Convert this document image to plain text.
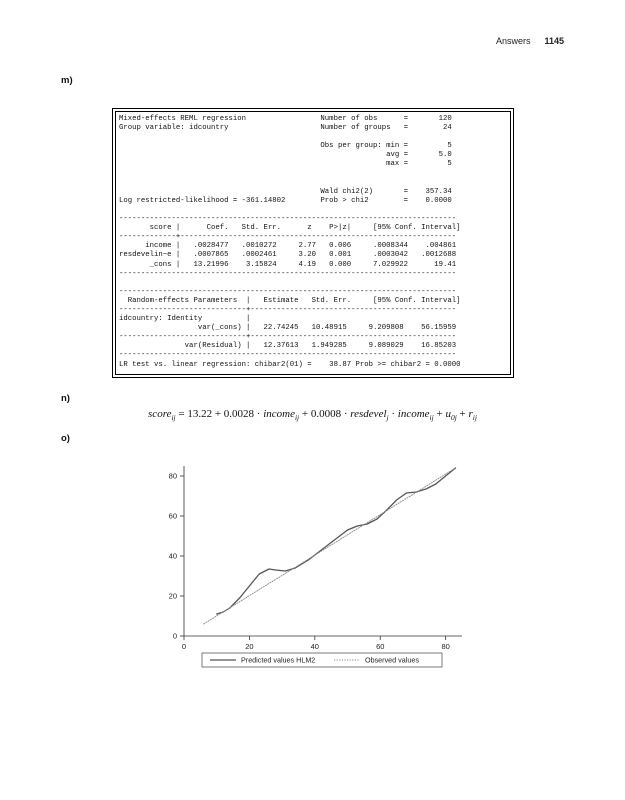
Answers 1145
m)
Mixed-effects REML regression                 Number of obs      =       120
Group variable: idcountry                     Number of groups   =        24

Obs per group: min =         5
avg =       5.0
max =         5

Wald chi2(2)       =    357.34
Log restricted-likelihood = -361.14802        Prob > chi2        =    0.0000

-----------------------------------------------------------------------------
score |      Coef.   Std. Err.      z    P>|z|     [95% Conf. Interval]
-------------+---------------------------------------------------------------
income |   .0028477   .0010272     2.77   0.006     .0008344    .004861
resdevelin~e |   .0007865   .0002461     3.20   0.001     .0003042   .0012688
_cons |   13.21996    3.15824     4.19   0.000     7.029922      19.41
-----------------------------------------------------------------------------

-----------------------------------------------------------------------------
Random-effects Parameters  |   Estimate   Std. Err.     [95% Conf. Interval]
-----------------------------+-----------------------------------------------
idcountry: Identity          |
var(_cons) |   22.74245   10.48915     9.209808    56.15959
-----------------------------+-----------------------------------------------
var(Residual) |   12.37613   1.949285     9.089029    16.85203
-----------------------------------------------------------------------------
LR test vs. linear regression: chibar2(01) =    38.87 Prob >= chibar2 = 0.0000
n)
score$_{ij}$ = 13.22 + 0.0028 · income$_{ij}$ + 0.0008 · resdevel$_j$ · income$_{ij}$ + $u_{0j} + r_{ij}$
o)
0
20
40
60
80
0	20	40	60	80
Predicted values HLM2	Observed values
